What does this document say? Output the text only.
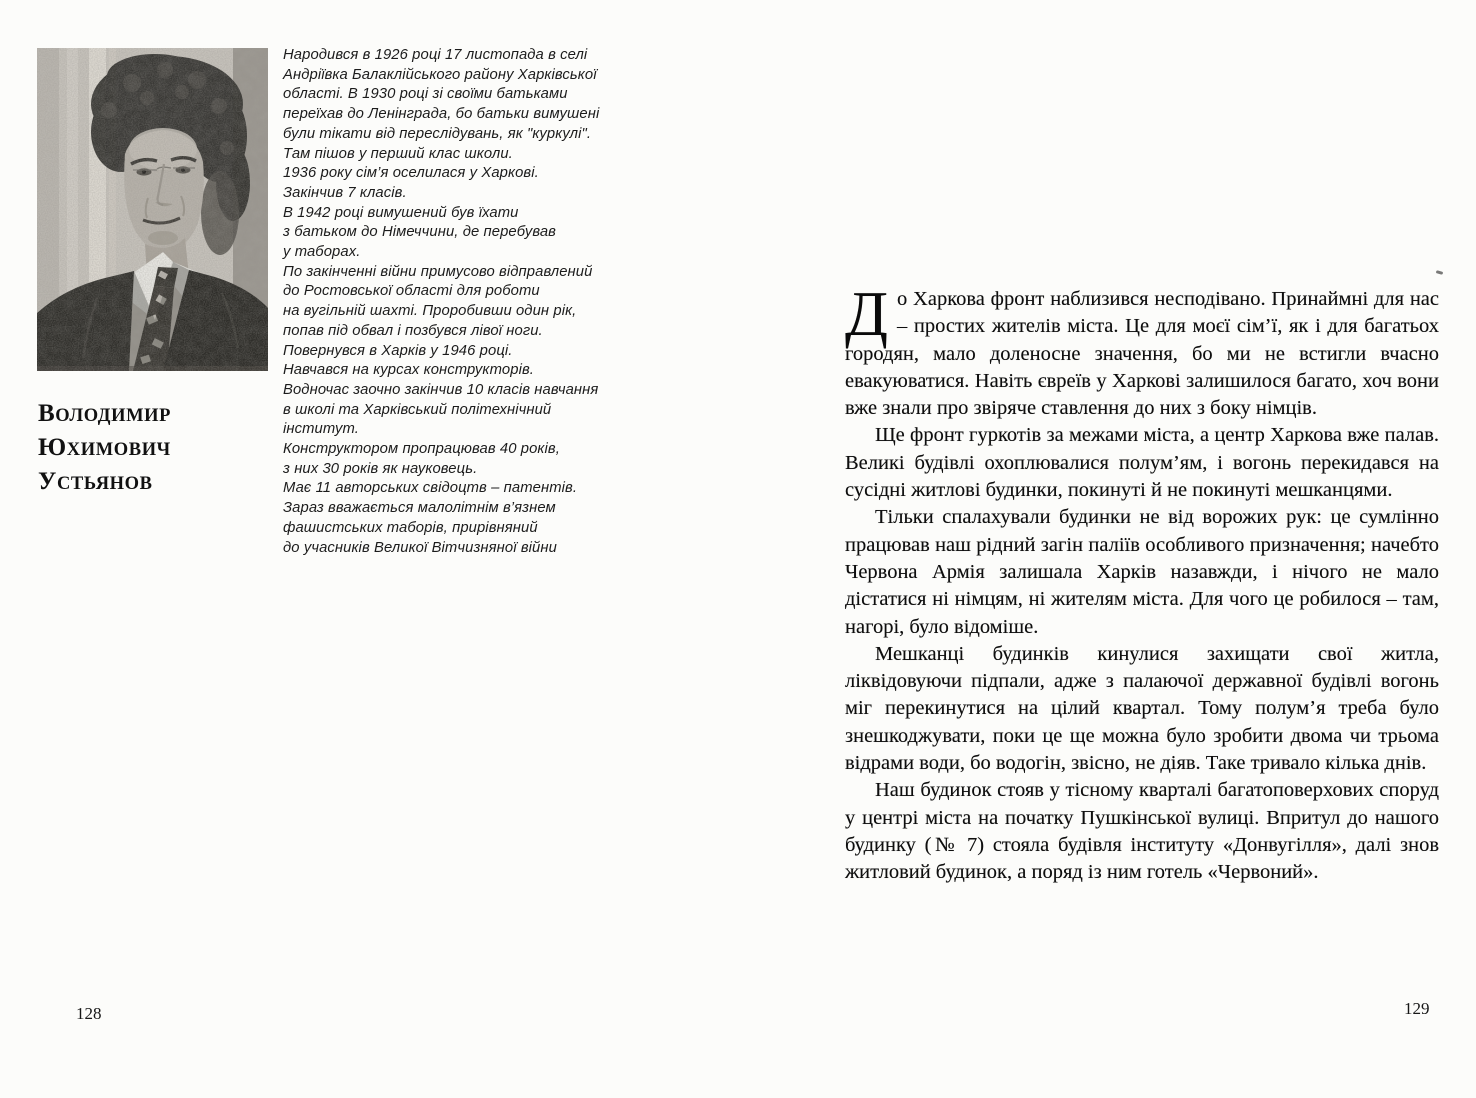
Народився в 1926 році 17 листопада в селі
Андріївка Балаклійського району Харківської
області. В 1930 році зі своїми батьками
переїхав до Ленінграда, бо батьки вимушені
були тікати від переслідувань, як "куркулі".
Там пішов у перший клас школи.
1936 року сім’я оселилася у Харкові.
Закінчив 7 класів.
В 1942 році вимушений був їхати
з батьком до Німеччини, де перебував
у таборах.
По закінченні війни примусово відправлений
до Ростовської області для роботи
на вугільній шахті. Проробивши один рік,
попав під обвал і позбувся лівої ноги.
Повернувся в Харків у 1946 році.
Навчався на курсах конструкторів.
Водночас заочно закінчив 10 класів навчання
в школі та Харківський політехнічний
інститут.
Конструктором пропрацював 40 років,
з них 30 років як науковець.
Має 11 авторських свідоцтв – патентів.
Зараз вважається малолітнім в’язнем
фашистських таборів, прирівняний
до учасників Великої Вітчизняної війни
ВОЛОДИМИР
ЮХИМОВИЧ
УСТЬЯНОВ
128

До Харкова фронт наблизився несподівано. Принаймні для нас – простих жителів міста. Це для моєї сім’ї, як і для багатьох городян, мало доленосне значення, бо ми не встигли вчасно евакуюватися. Навіть євреїв у Харкові залишилося багато, хоч вони вже знали про звіряче ставлення до них з боку німців.

Ще фронт гуркотів за межами міста, а центр Харкова вже палав. Великі будівлі охоплювалися полум’ям, і вогонь перекидався на сусідні житлові будинки, покинуті й не покинуті мешканцями.

Тільки спалахували будинки не від ворожих рук: це сумлінно працював наш рідний загін паліїв особливого призначення; начебто Червона Армія залишала Харків назавжди, і нічого не мало дістатися ні німцям, ні жителям міста. Для чого це робилося – там, нагорі, було відоміше.

Мешканці будинків кинулися захищати свої житла, ліквідовуючи підпали, адже з палаючої державної будівлі вогонь міг перекинутися на цілий квартал. Тому полум’я треба було знешкоджувати, поки це ще можна було зробити двома чи трьома відрами води, бо водогін, звісно, не діяв. Таке тривало кілька днів.

Наш будинок стояв у тісному кварталі багатоповерхових споруд у центрі міста на початку Пушкінської вулиці. Впритул до нашого будинку (№ 7) стояла будівля інституту «Донвугілля», далі знов житловий будинок, а поряд із ним готель «Червоний».

129
